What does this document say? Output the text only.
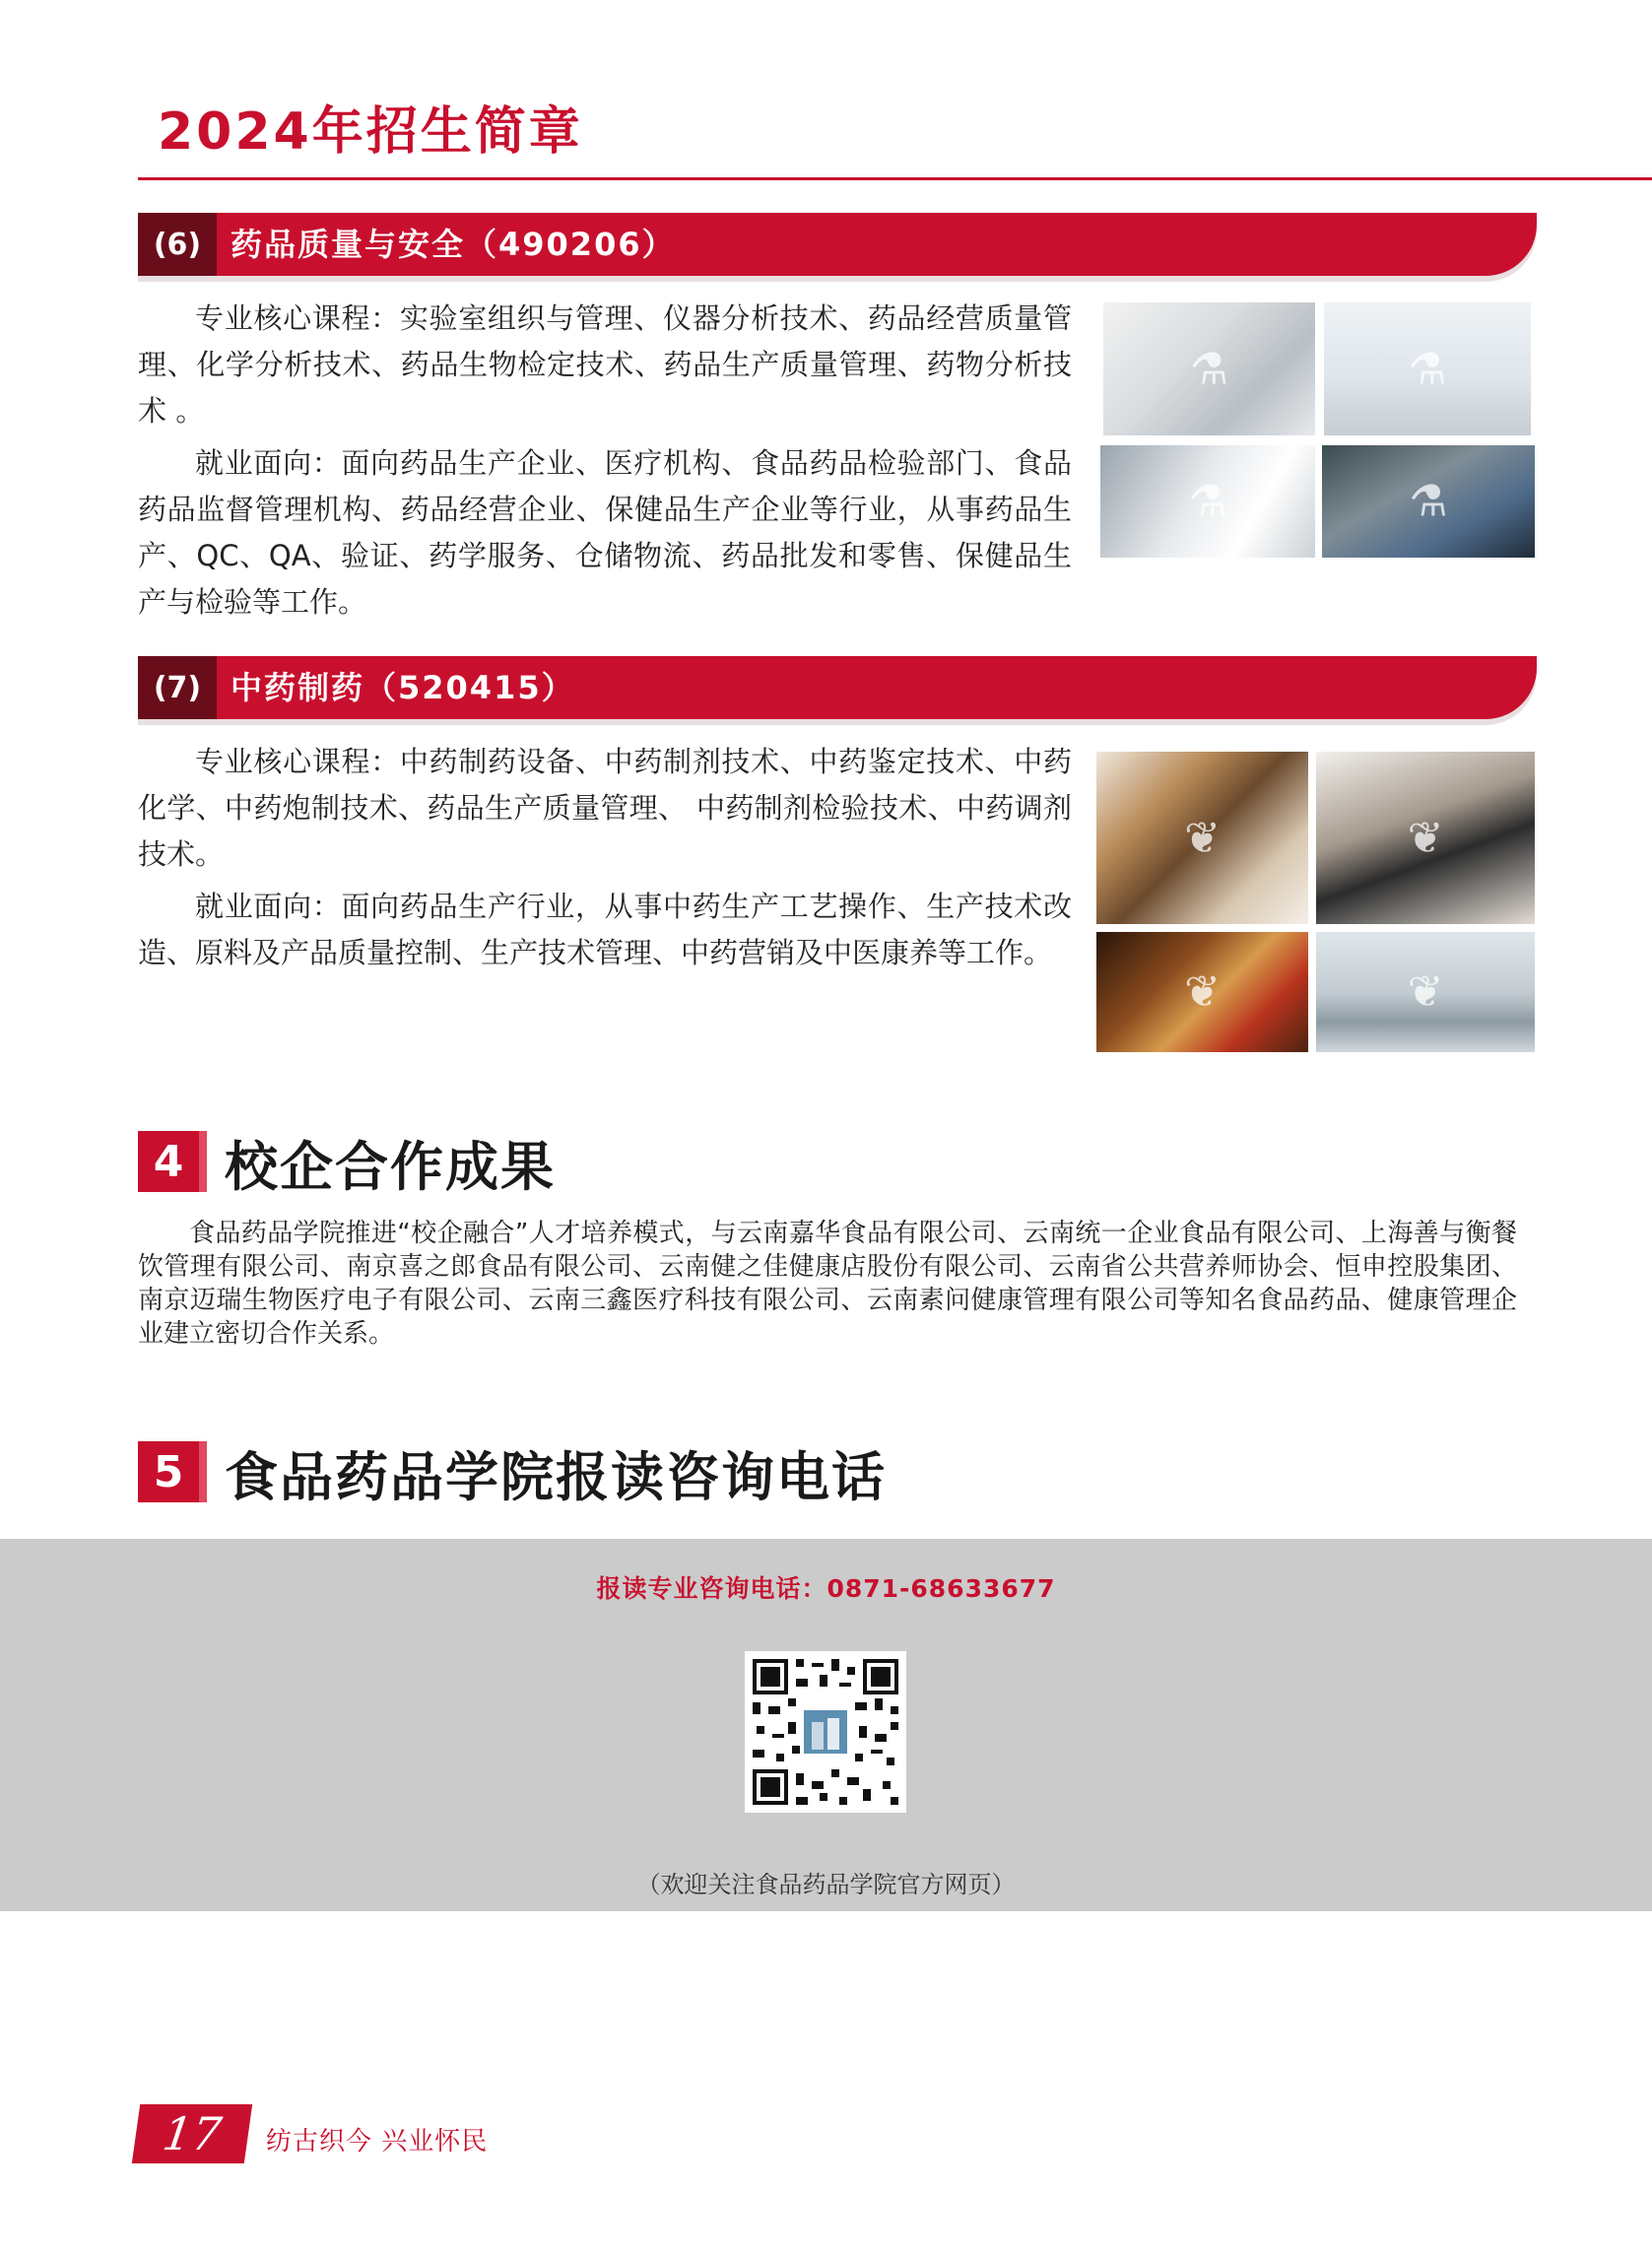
2024年招生简章
(6) 药品质量与安全（490206）
专业核心课程：实验室组织与管理、仪器分析技术、药品经营质量管理、化学分析技术、药品生物检定技术、药品生产质量管理、药物分析技术 。
就业面向：面向药品生产企业、医疗机构、食品药品检验部门、食品药品监督管理机构、药品经营企业、保健品生产企业等行业，从事药品生产、QC、QA、验证、药学服务、仓储物流、药品批发和零售、保健品生产与检验等工作。
⚗	⚗
⚗	⚗
(7) 中药制药（520415）
专业核心课程：中药制药设备、中药制剂技术、中药鉴定技术、中药化学、中药炮制技术、药品生产质量管理、 中药制剂检验技术、中药调剂技术。
就业面向：面向药品生产行业，从事中药生产工艺操作、生产技术改造、原料及产品质量控制、生产技术管理、中药营销及中医康养等工作。
❦	❦
❦	❦
4 校企合作成果
食品药品学院推进“校企融合”人才培养模式，与云南嘉华食品有限公司、云南统一企业食品有限公司、上海善与衡餐饮管理有限公司、南京喜之郎食品有限公司、云南健之佳健康店股份有限公司、云南省公共营养师协会、恒申控股集团、南京迈瑞生物医疗电子有限公司、云南三鑫医疗科技有限公司、云南素问健康管理有限公司等知名食品药品、健康管理企业建立密切合作关系。
5 食品药品学院报读咨询电话
报读专业咨询电话：0871-68633677
（欢迎关注食品药品学院官方网页）
17 纺古织今 兴业怀民
